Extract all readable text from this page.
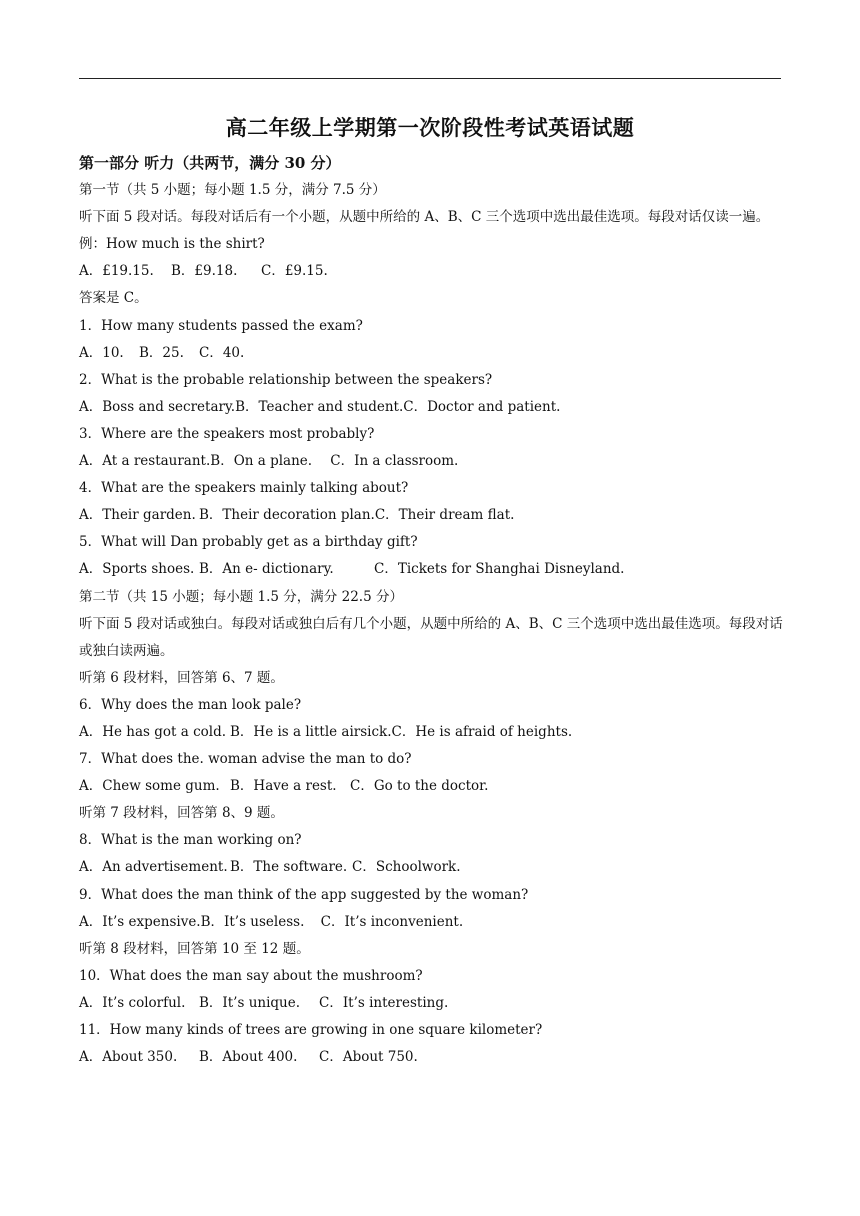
高二年级上学期第一次阶段性考试英语试题
第一部分 听力（共两节，满分 30 分）
第一节（共 5 小题；每小题 1.5 分，满分 7.5 分）
听下面 5 段对话。每段对话后有一个小题，从题中所给的 A、B、C 三个选项中选出最佳选项。每段对话仅读一遍。
例：How much is the shirt?
A．£19.15. B．£9.18. C．£9.15.
答案是 C。
1．How many students passed the exam?
A．10. B．25. C．40.
2．What is the probable relationship between the speakers?
A．Boss and secretary.B．Teacher and student.C．Doctor and patient.
3．Where are the speakers most probably?
A．At a restaurant.B．On a plane. C．In a classroom.
4．What are the speakers mainly talking about?
A．Their garden. B．Their decoration plan.C．Their dream flat.
5．What will Dan probably get as a birthday gift?
A．Sports shoes. B．An e- dictionary.	C．Tickets for Shanghai Disneyland.
第二节（共 15 小题；每小题 1.5 分，满分 22.5 分）
听下面 5 段对话或独白。每段对话或独白后有几个小题，从题中所给的 A、B、C 三个选项中选出最佳选项。每段对话或独白读两遍。
听第 6 段材料，回答第 6、7 题。
6．Why does the man look pale?
A．He has got a cold. B．He is a little airsick.C．He is afraid of heights.
7．What does the. woman advise the man to do?
A．Chew some gum. B．Have a rest. C．Go to the doctor.
听第 7 段材料，回答第 8、9 题。
8．What is the man working on?
A．An advertisement. B．The software. C．Schoolwork.
9．What does the man think of the app suggested by the woman?
A．It’s expensive.B．It’s useless. C．It’s inconvenient.
听第 8 段材料，回答第 10 至 12 题。
10．What does the man say about the mushroom?
A．It’s colorful. B．It’s unique. C．It’s interesting.
11．How many kinds of trees are growing in one square kilometer?
A．About 350. B．About 400. C．About 750.
